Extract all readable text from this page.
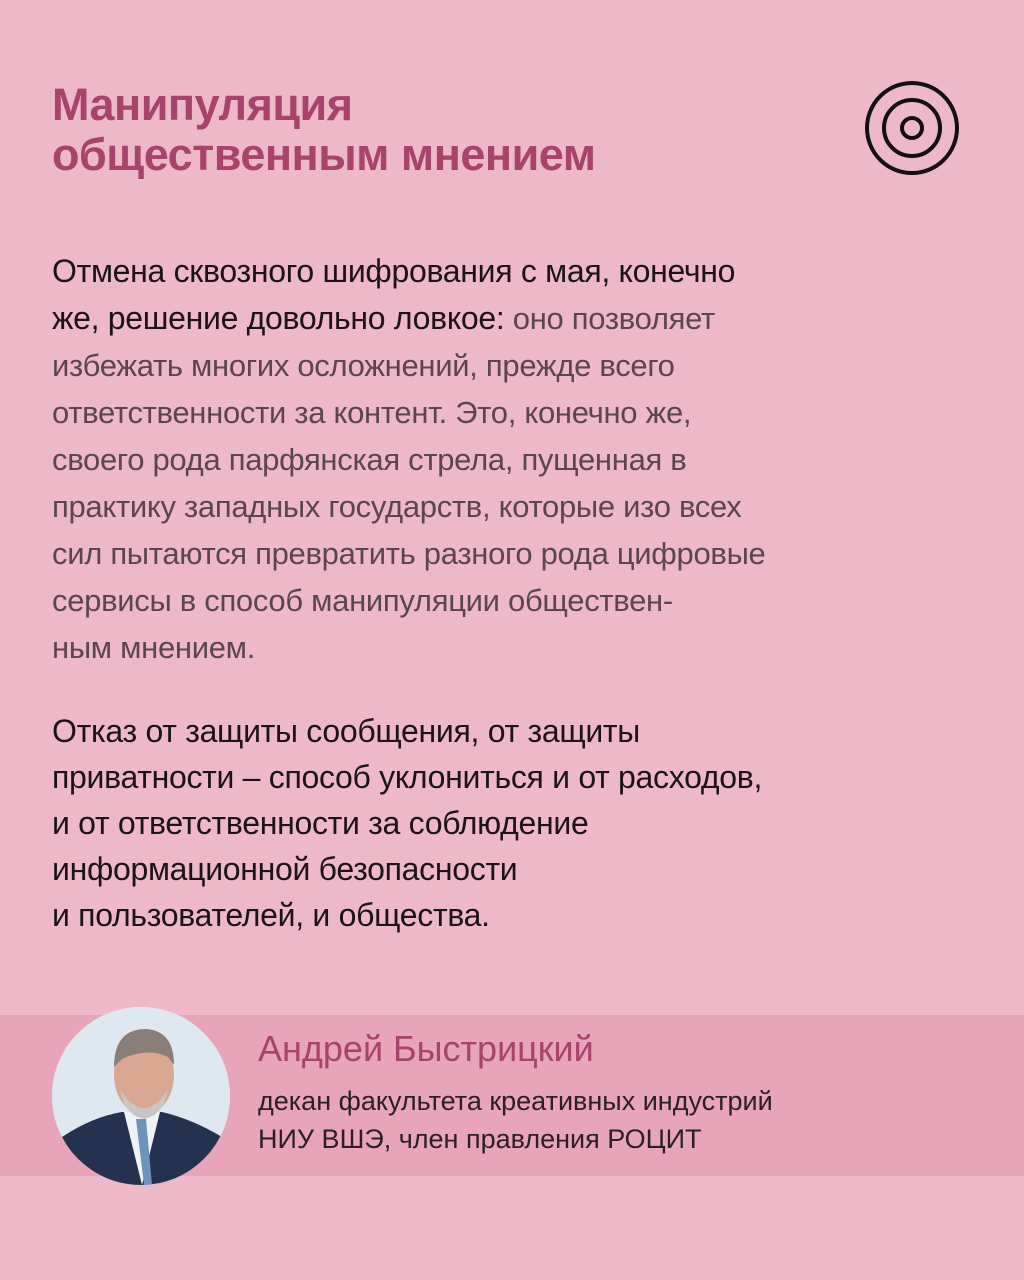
Манипуляция
общественным мнением
Отмена сквозного шифрования с мая, конечно
же, решение довольно ловкое: оно позволяет
избежать многих осложнений, прежде всего
ответственности за контент. Это, конечно же,
своего рода парфянская стрела, пущенная в
практику западных государств, которые изо всех
сил пытаются превратить разного рода цифровые
сервисы в способ манипуляции обществен-
ным мнением.
Отказ от защиты сообщения, от защиты
приватности – способ уклониться и от расходов,
и от ответственности за соблюдение
информационной безопасности
и пользователей, и общества.
Андрей Быстрицкий
декан факультета креативных индустрий
НИУ ВШЭ, член правления РОЦИТ
